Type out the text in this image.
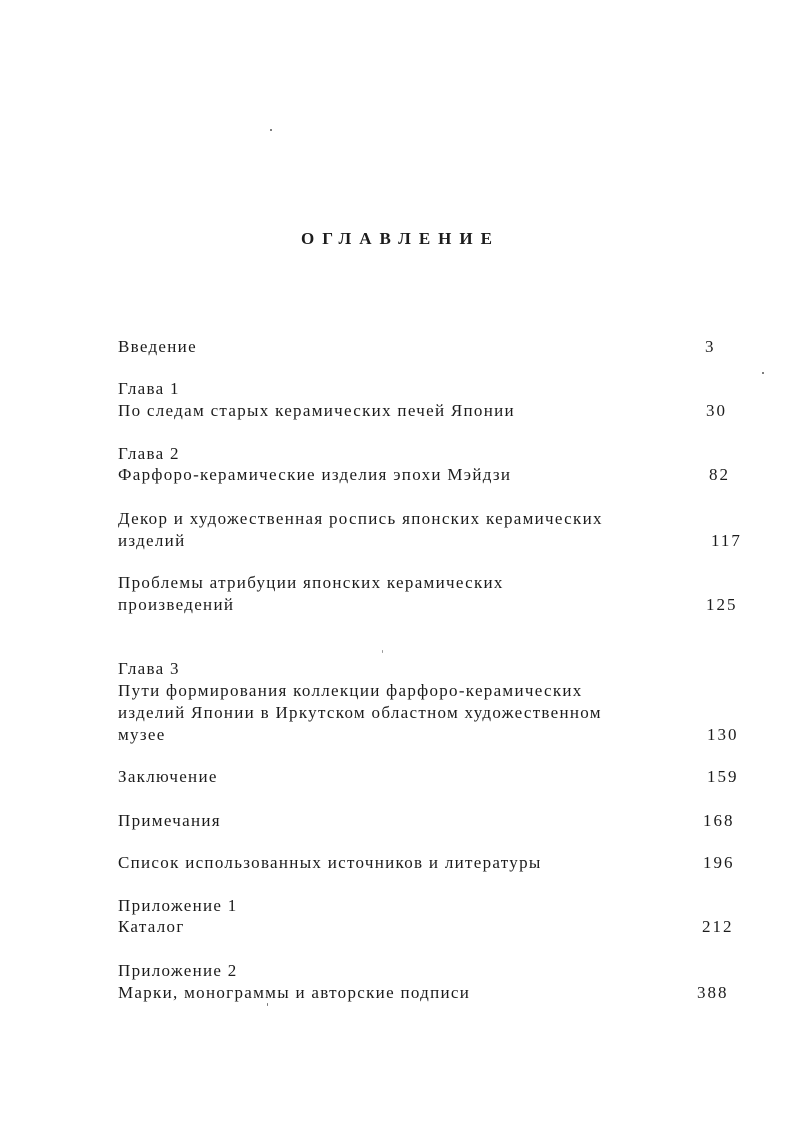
ОГЛАВЛЕНИЕ
Введение	3
Глава 1
По следам старых керамических печей Японии	30
Глава 2
Фарфоро-керамические изделия эпохи Мэйдзи	82
Декор и художественная роспись японских керамических
изделий	117
Проблемы атрибуции японских керамических
произведений	125
Глава 3
Пути формирования коллекции фарфоро-керамических
изделий Японии в Иркутском областном художественном
музее	130
Заключение	159
Примечания	168
Список использованных источников и литературы	196
Приложение 1
Каталог	212
Приложение 2
Марки, монограммы и авторские подписи	388
